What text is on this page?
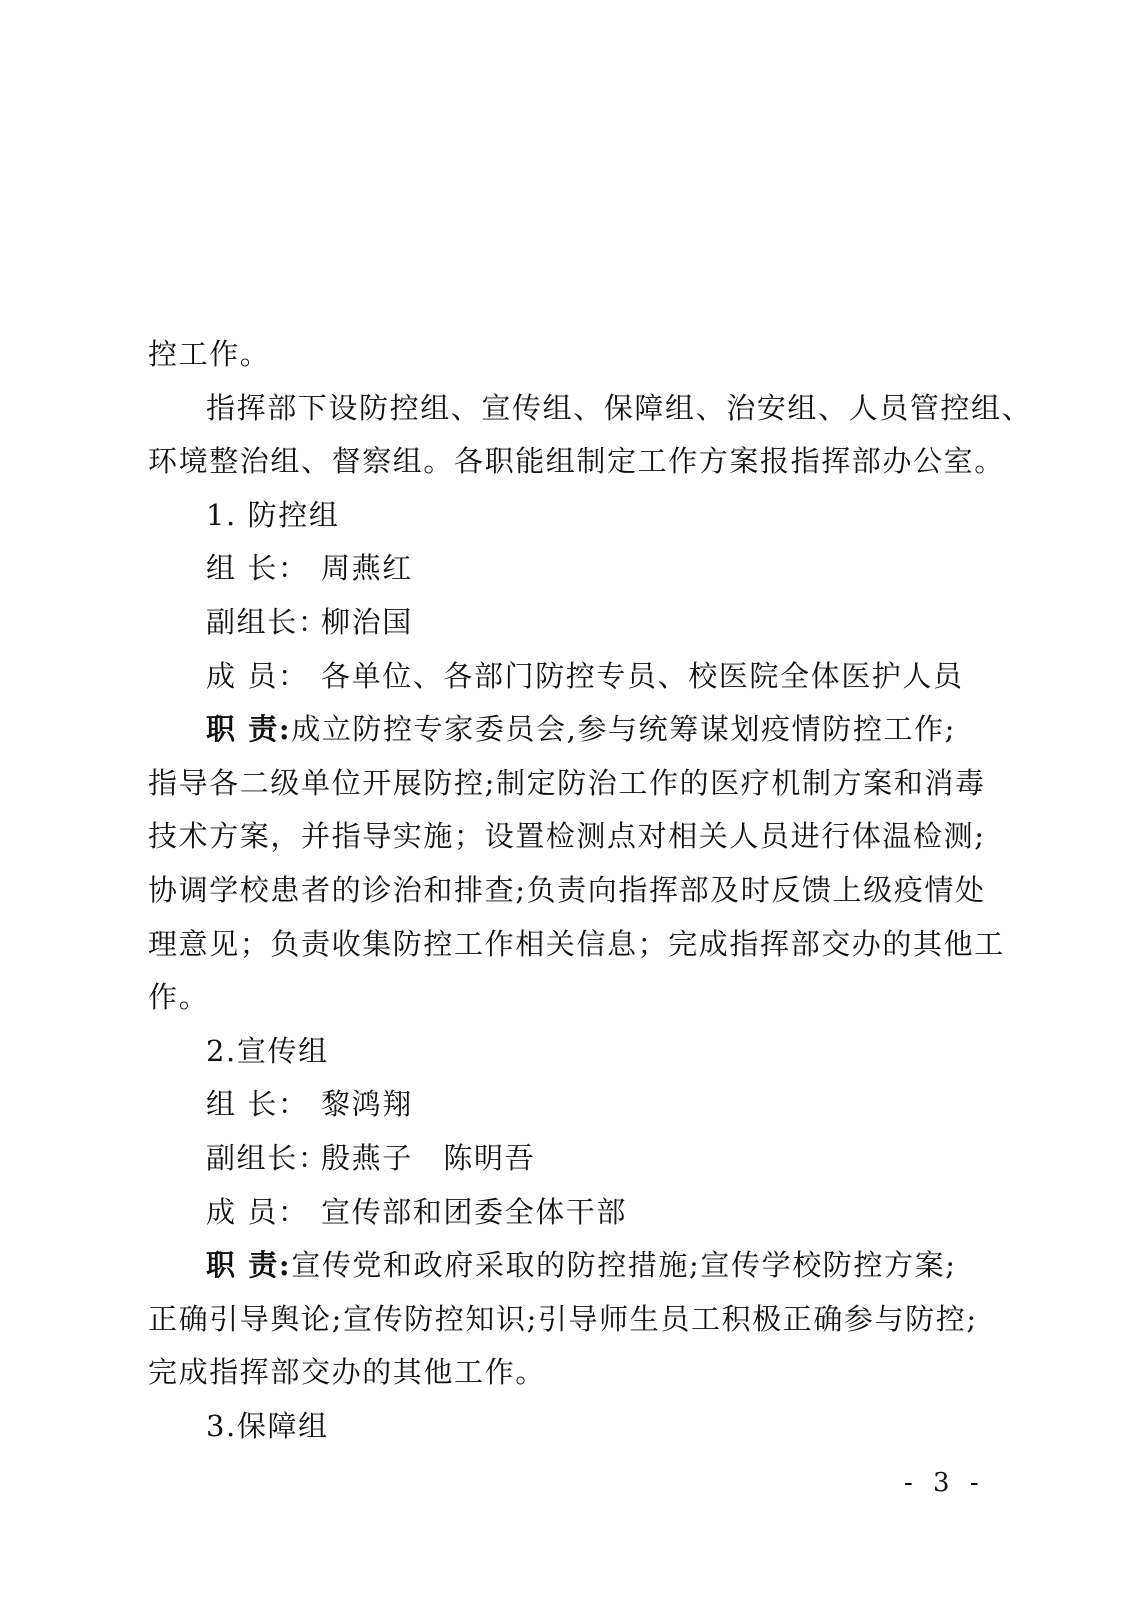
控工作。
指挥部下设防控组、宣传组、保障组、治安组、人员管控组、
环境整治组、督察组。各职能组制定工作方案报指挥部办公室。
1. 防控组
组 长： 周燕红
副组长：
柳治国
成 员： 各单位、各部门防控专员、校医院全体医护人员
职 责:成立防控专家委员会,参与统筹谋划疫情防控工作;
指导各二级单位开展防控;制定防治工作的医疗机制方案和消毒
技术方案，并指导实施；设置检测点对相关人员进行体温检测;
协调学校患者的诊治和排查;负责向指挥部及时反馈上级疫情处
理意见；负责收集防控工作相关信息；完成指挥部交办的其他工
作。
2.宣传组
组 长： 黎鸿翔
副组长：
殷燕子　陈明吾
成 员： 宣传部和团委全体干部
职 责:宣传党和政府采取的防控措施;宣传学校防控方案;
正确引导舆论;宣传防控知识;引导师生员工积极正确参与防控;
完成指挥部交办的其他工作。
3.保障组
- 3 -
